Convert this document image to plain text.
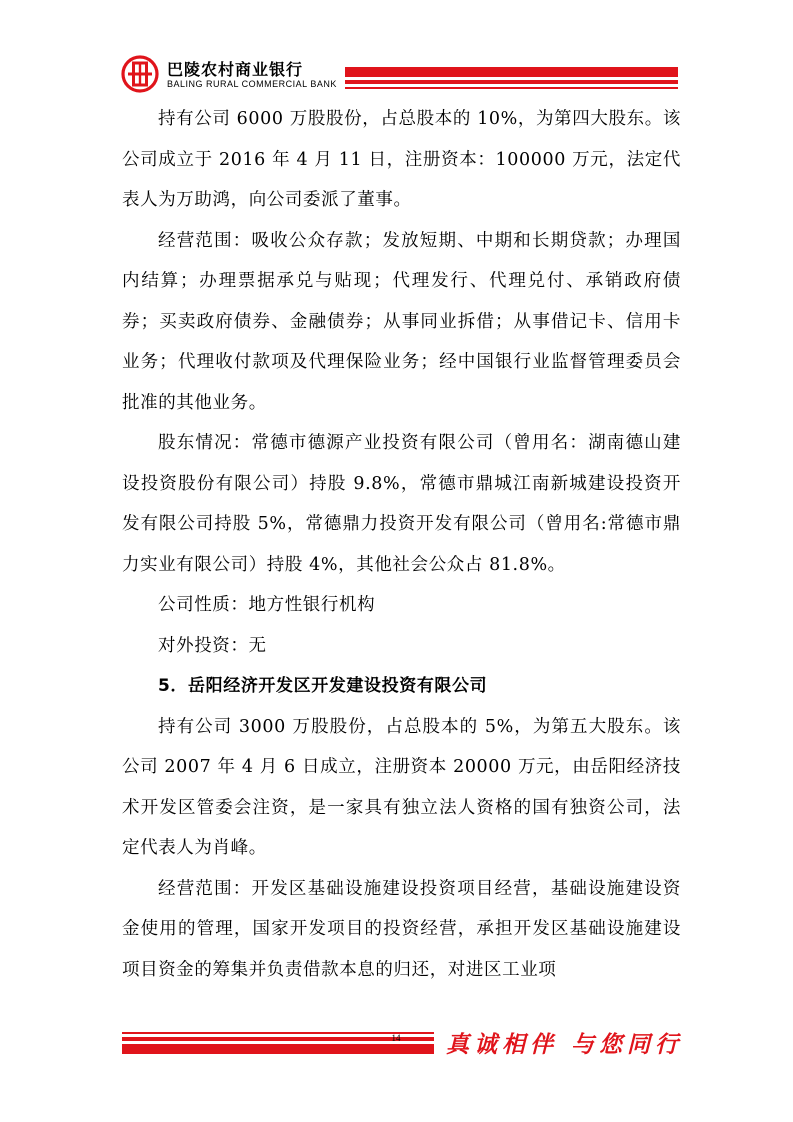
巴陵农村商业银行
BALING RURAL COMMERCIAL BANK

持有公司 6000 万股股份，占总股本的 10%，为第四大股东。该公司成立于 2016 年 4 月 11 日，注册资本：100000 万元，法定代表人为万助鸿，向公司委派了董事。

经营范围：吸收公众存款；发放短期、中期和长期贷款；办理国内结算；办理票据承兑与贴现；代理发行、代理兑付、承销政府债券；买卖政府债券、金融债券；从事同业拆借；从事借记卡、信用卡业务；代理收付款项及代理保险业务；经中国银行业监督管理委员会批准的其他业务。

股东情况：常德市德源产业投资有限公司（曾用名：湖南德山建设投资股份有限公司）持股 9.8%，常德市鼎城江南新城建设投资开发有限公司持股 5%，常德鼎力投资开发有限公司（曾用名:常德市鼎力实业有限公司）持股 4%，其他社会公众占 81.8%。

公司性质：地方性银行机构

对外投资：无

5．岳阳经济开发区开发建设投资有限公司

持有公司 3000 万股股份，占总股本的 5%，为第五大股东。该公司 2007 年 4 月 6 日成立，注册资本 20000 万元，由岳阳经济技术开发区管委会注资，是一家具有独立法人资格的国有独资公司，法定代表人为肖峰。

经营范围：开发区基础设施建设投资项目经营，基础设施建设资金使用的管理，国家开发项目的投资经营，承担开发区基础设施建设项目资金的筹集并负责借款本息的归还，对进区工业项

14	真诚相伴 与您同行
